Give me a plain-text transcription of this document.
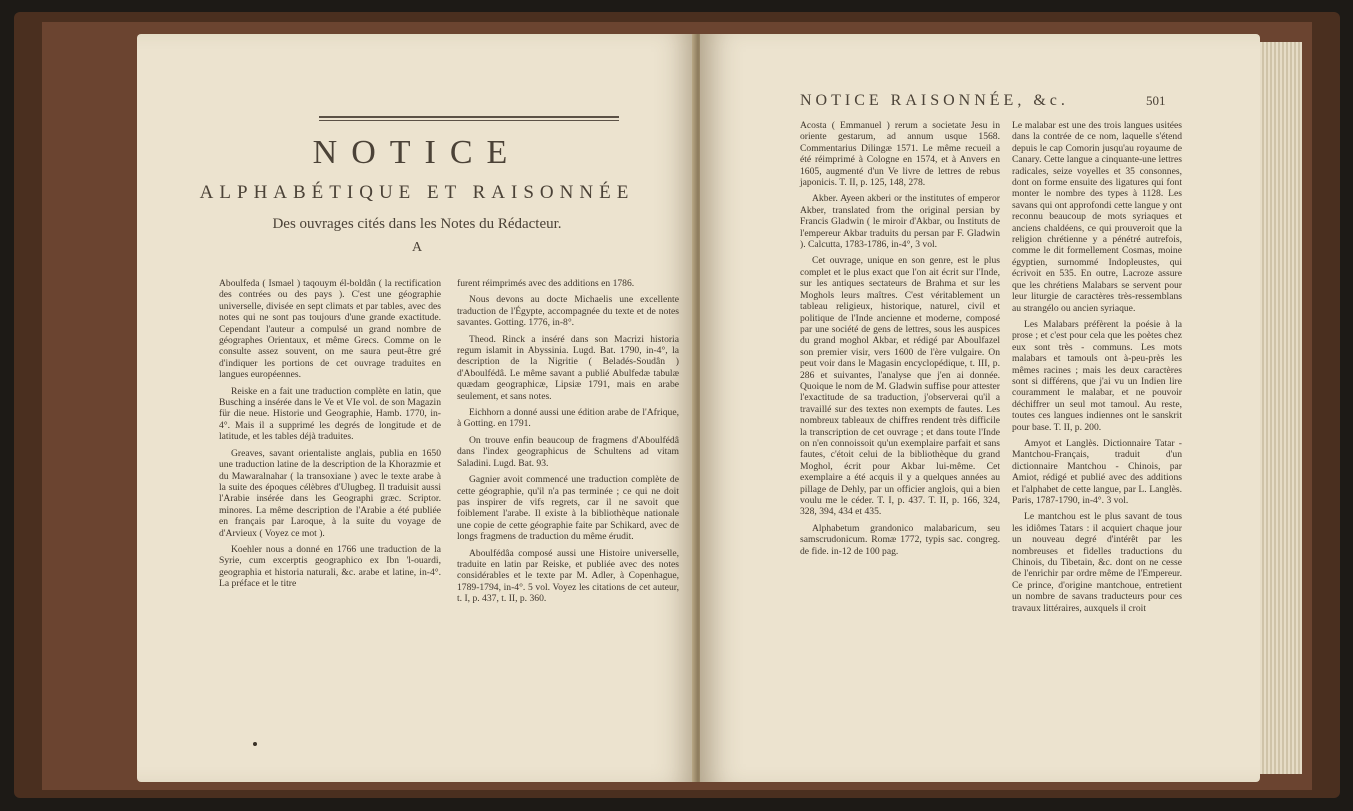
NOTICE
ALPHABÉTIQUE ET RAISONNÉE
Des ouvrages cités dans les Notes du Rédacteur.
A

Aboulfeda ( Ismael ) taqouym él-boldân ( la rectification des contrées ou des pays ). C'est une géographie universelle, divisée en sept climats et par tables, avec des notes qui ne sont pas toujours d'une grande exactitude. Cependant l'auteur a compulsé un grand nombre de géographes Orientaux, et même Grecs. Comme on le consulte assez souvent, on me saura peut-être gré d'indiquer les portions de cet ouvrage traduites en langues européennes.

Reiske en a fait une traduction complète en latin, que Busching a insérée dans le Ve et VIe vol. de son Magazin für die neue. Historie und Geographie, Hamb. 1770, in-4°. Mais il a supprimé les degrés de longitude et de latitude, et les tables déjà traduites.

Greaves, savant orientaliste anglais, publia en 1650 une traduction latine de la description de la Khorazmie et du Mawaralnahar ( la transoxiane ) avec le texte arabe à la suite des époques célèbres d'Ulugbeg. Il traduisit aussi l'Arabie insérée dans les Geographi græc. Scriptor. minores. La même description de l'Arabie a été publiée en français par Laroque, à la suite du voyage de d'Arvieux ( Voyez ce mot ).

Koehler nous a donné en 1766 une traduction de la Syrie, cum excerptis geographico ex Ibn 'l-ouardi, geographia et historia naturali, &c. arabe et latine, in-4°. La préface et le titre

furent réimprimés avec des additions en 1786.

Nous devons au docte Michaelis une excellente traduction de l'Égypte, accompagnée du texte et de notes savantes. Gotting. 1776, in-8°.

Theod. Rinck a inséré dans son Macrizi historia regum islamit in Abyssinia. Lugd. Bat. 1790, in-4°, la description de la Nigritie ( Beladés-Soudân ) d'Aboulfédâ. Le même savant a publié Abulfedæ tabulæ quædam geographicæ, Lipsiæ 1791, mais en arabe seulement, et sans notes.

Eichhorn a donné aussi une édition arabe de l'Afrique, à Gotting. en 1791.

On trouve enfin beaucoup de fragmens d'Aboulfédâ dans l'index geographicus de Schultens ad vitam Saladini. Lugd. Bat. 93.

Gagnier avoit commencé une traduction complète de cette géographie, qu'il n'a pas terminée ; ce qui ne doit pas inspirer de vifs regrets, car il ne savoit que foiblement l'arabe. Il existe à la bibliothèque nationale une copie de cette géographie faite par Schikard, avec de longs fragmens de traduction du même érudit.

Aboulfédâa composé aussi une Histoire universelle, traduite en latin par Reiske, et publiée avec des notes considérables et le texte par M. Adler, à Copenhague, 1789-1794, in-4°. 5 vol. Voyez les citations de cet auteur, t. I, p. 437, t. II, p. 360.

NOTICE RAISONNÉE, &c.	501

Acosta ( Emmanuel ) rerum a societate Jesu in oriente gestarum, ad annum usque 1568. Commentarius Dilingæ 1571. Le même recueil a été réimprimé à Cologne en 1574, et à Anvers en 1605, augmenté d'un Ve livre de lettres de rebus japonicis. T. II, p. 125, 148, 278.

Akber. Ayeen akberi or the institutes of emperor Akber, translated from the original persian by Francis Gladwin ( le miroir d'Akbar, ou Instituts de l'empereur Akbar traduits du persan par F. Gladwin ). Calcutta, 1783-1786, in-4°, 3 vol.

Cet ouvrage, unique en son genre, est le plus complet et le plus exact que l'on ait écrit sur l'Inde, sur les antiques sectateurs de Brahma et sur les Moghols leurs maîtres. C'est véritablement un tableau religieux, historique, naturel, civil et politique de l'Inde ancienne et moderne, composé par une société de gens de lettres, sous les auspices du grand moghol Akbar, et rédigé par Aboulfazel son premier visir, vers 1600 de l'ère vulgaire. On peut voir dans le Magasin encyclopédique, t. III, p. 286 et suivantes, l'analyse que j'en ai donnée. Quoique le nom de M. Gladwin suffise pour attester l'exactitude de sa traduction, j'observerai qu'il a travaillé sur des textes non exempts de fautes. Les nombreux tableaux de chiffres rendent très difficile la transcription de cet ouvrage ; et dans toute l'Inde on n'en connoissoit qu'un exemplaire parfait et sans fautes, c'étoit celui de la bibliothèque du grand Moghol, écrit pour Akbar lui-même. Cet exemplaire a été acquis il y a quelques années au pillage de Dehly, par un officier anglois, qui a bien voulu me le céder. T. I, p. 437. T. II, p. 166, 324, 328, 394, 434 et 435.

Alphabetum grandonico malabaricum, seu samscrudonicum. Romæ 1772, typis sac. congreg. de fide. in-12 de 100 pag.

Le malabar est une des trois langues usitées dans la contrée de ce nom, laquelle s'étend depuis le cap Comorin jusqu'au royaume de Canary. Cette langue a cinquante-une lettres radicales, seize voyelles et 35 consonnes, dont on forme ensuite des ligatures qui font monter le nombre des types à 1128. Les savans qui ont approfondi cette langue y ont reconnu beaucoup de mots syriaques et anciens chaldéens, ce qui prouveroit que la religion chrétienne y a pénétré autrefois, comme le dit formellement Cosmas, moine égyptien, surnommé Indopleustes, qui écrivoit en 535. En outre, Lacroze assure que les chrétiens Malabars se servent pour leur liturgie de caractères très-ressemblans au strangélo ou ancien syriaque.

Les Malabars préfèrent la poésie à la prose ; et c'est pour cela que les poètes chez eux sont très - communs. Les mots malabars et tamouls ont à-peu-près les mêmes racines ; mais les deux caractères sont si différens, que j'ai vu un Indien lire couramment le malabar, et ne pouvoir déchiffrer un seul mot tamoul. Au reste, toutes ces langues indiennes ont le sanskrit pour base. T. II, p. 200.

Amyot et Langlès. Dictionnaire Tatar - Mantchou-Français, traduit d'un dictionnaire Mantchou - Chinois, par Amiot, rédigé et publié avec des additions et l'alphabet de cette langue, par L. Langlès. Paris, 1787-1790, in-4°. 3 vol.

Le mantchou est le plus savant de tous les idiômes Tatars : il acquiert chaque jour un nouveau degré d'intérêt par les nombreuses et fidelles traductions du Chinois, du Tibetain, &c. dont on ne cesse de l'enrichir par ordre même de l'Empereur. Ce prince, d'origine mantchoue, entretient un nombre de savans traducteurs pour ces travaux littéraires, auxquels il croit
